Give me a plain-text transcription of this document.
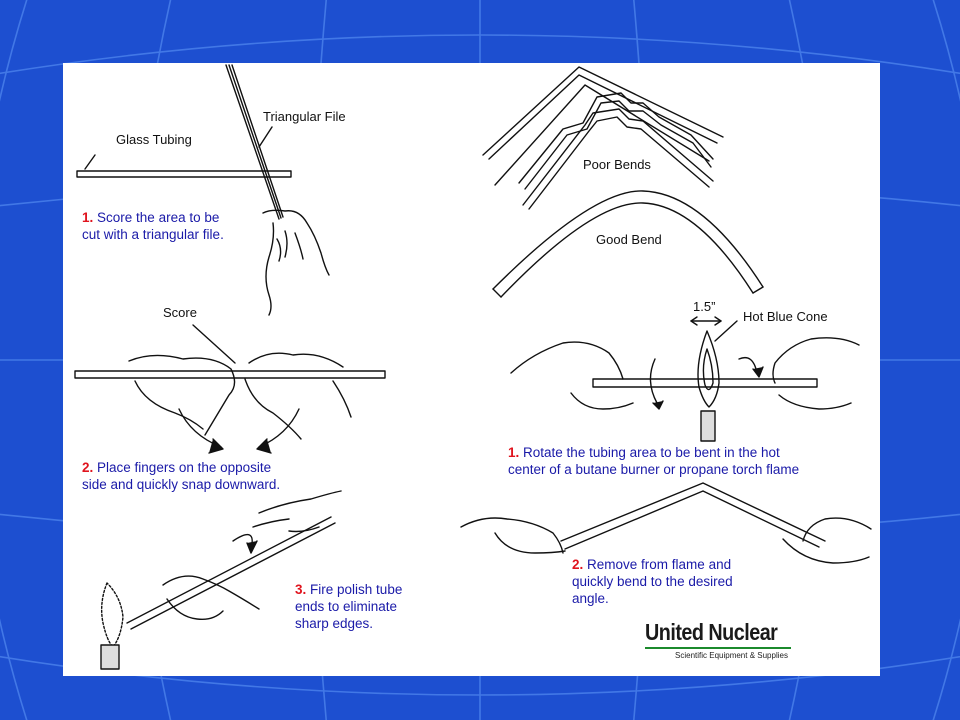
Glass Tubing
Triangular File
Score
Poor Bends
Good Bend
1.5”
Hot Blue Cone
1. Score the area to be
cut with a triangular file.
2. Place fingers on the opposite
side and quickly snap downward.
3. Fire polish tube
ends to eliminate
sharp edges.
1. Rotate the tubing area to be bent in the hot
center of a butane burner or propane torch flame
2. Remove from flame and
quickly bend to the desired
angle.
United Nuclear
Scientific Equipment & Supplies
